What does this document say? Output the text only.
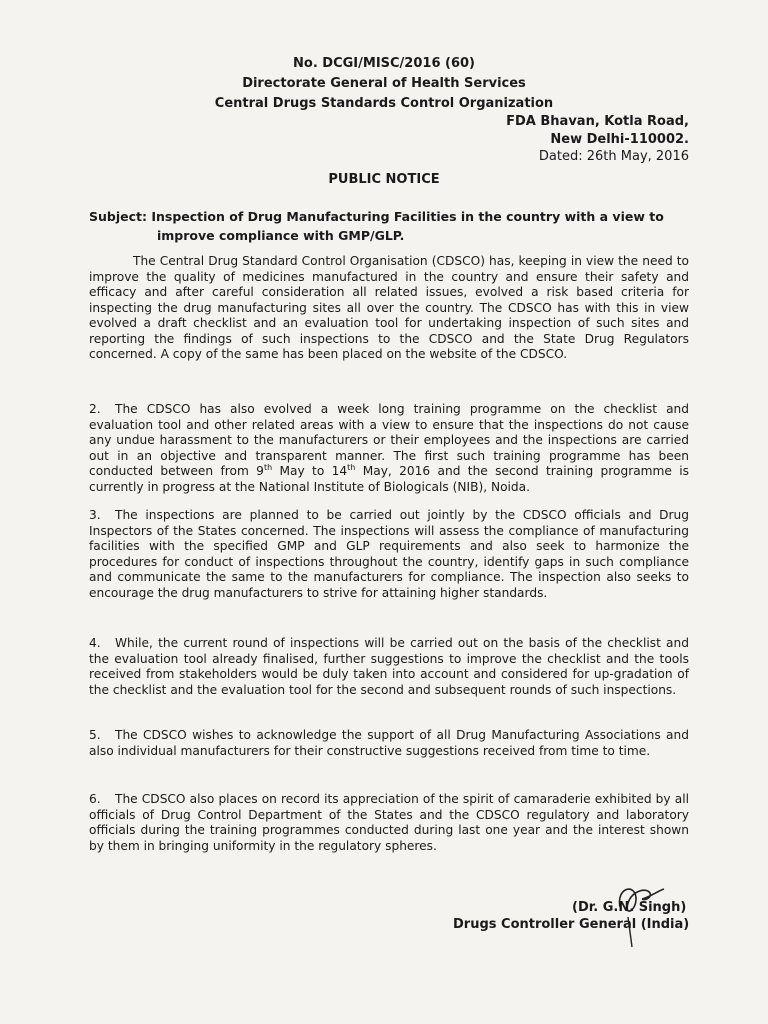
No. DCGI/MISC/2016 (60)
Directorate General of Health Services
Central Drugs Standards Control Organization
FDA Bhavan, Kotla Road,
New Delhi-110002.
Dated: 26th May, 2016
PUBLIC NOTICE
Subject: Inspection of Drug Manufacturing Facilities in the country with a view to
improve compliance with GMP/GLP.

The Central Drug Standard Control Organisation (CDSCO) has, keeping in view the need to improve the quality of medicines manufactured in the country and ensure their safety and efficacy and after careful consideration all related issues, evolved a risk based criteria for inspecting the drug manufacturing sites all over the country. The CDSCO has with this in view evolved a draft checklist and an evaluation tool for undertaking inspection of such sites and reporting the findings of such inspections to the CDSCO and the State Drug Regulators concerned. A copy of the same has been placed on the website of the CDSCO.

2. The CDSCO has also evolved a week long training programme on the checklist and evaluation tool and other related areas with a view to ensure that the inspections do not cause any undue harassment to the manufacturers or their employees and the inspections are carried out in an objective and transparent manner. The first such training programme has been conducted between from 9th May to 14th May, 2016 and the second training programme is currently in progress at the National Institute of Biologicals (NIB), Noida.

3. The inspections are planned to be carried out jointly by the CDSCO officials and Drug Inspectors of the States concerned. The inspections will assess the compliance of manufacturing facilities with the specified GMP and GLP requirements and also seek to harmonize the procedures for conduct of inspections throughout the country, identify gaps in such compliance and communicate the same to the manufacturers for compliance. The inspection also seeks to encourage the drug manufacturers to strive for attaining higher standards.

4. While, the current round of inspections will be carried out on the basis of the checklist and the evaluation tool already finalised, further suggestions to improve the checklist and the tools received from stakeholders would be duly taken into account and considered for up-gradation of the checklist and the evaluation tool for the second and subsequent rounds of such inspections.

5. The CDSCO wishes to acknowledge the support of all Drug Manufacturing Associations and also individual manufacturers for their constructive suggestions received from time to time.

6. The CDSCO also places on record its appreciation of the spirit of camaraderie exhibited by all officials of Drug Control Department of the States and the CDSCO regulatory and laboratory officials during the training programmes conducted during last one year and the interest shown by them in bringing uniformity in the regulatory spheres.

(Dr. G.N. Singh)
Drugs Controller General (India)
